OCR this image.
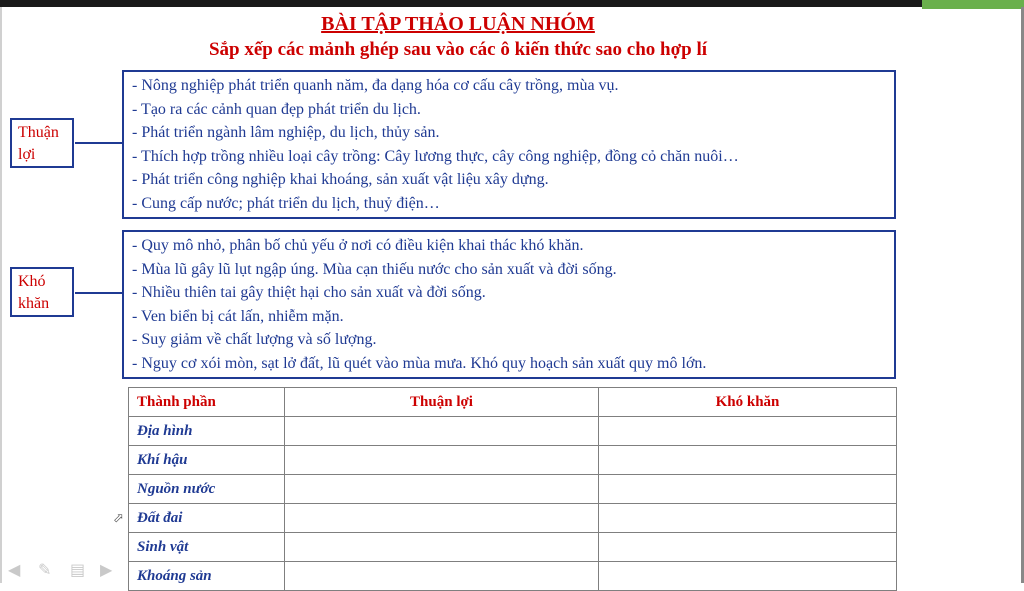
BÀI TẬP THẢO LUẬN NHÓM
Sắp xếp các mảnh ghép sau vào các ô kiến thức sao cho hợp lí
Thuận lợi
- Nông nghiệp phát triển quanh năm, đa dạng hóa cơ cấu cây trồng, mùa vụ.
- Tạo ra các cảnh quan đẹp phát triển du lịch.
- Phát triển ngành lâm nghiệp, du lịch, thủy sản.
- Thích hợp trồng nhiều loại cây trồng: Cây lương thực, cây công nghiệp, đồng cỏ chăn nuôi…
- Phát triển công nghiệp khai khoáng, sản xuất vật liệu xây dựng.
- Cung cấp nước; phát triển du lịch, thuỷ điện…
Khó khăn
- Quy mô nhỏ, phân bố chủ yếu ở nơi có điều kiện khai thác khó khăn.
- Mùa lũ gây lũ lụt ngập úng. Mùa cạn thiếu nước cho sản xuất và đời sống.
- Nhiều thiên tai gây thiệt hại cho sản xuất và đời sống.
- Ven biển bị cát lấn, nhiễm mặn.
- Suy giảm về chất lượng và số lượng.
- Nguy cơ xói mòn, sạt lở đất, lũ quét vào mùa mưa. Khó quy hoạch sản xuất quy mô lớn.
Thành phần	Thuận lợi	Khó khăn
Địa hình		
Khí hậu		
Nguồn nước		
Đất đai		
Sinh vật		
Khoáng sản		
◀ ✎ ▤ ▶
⬀
